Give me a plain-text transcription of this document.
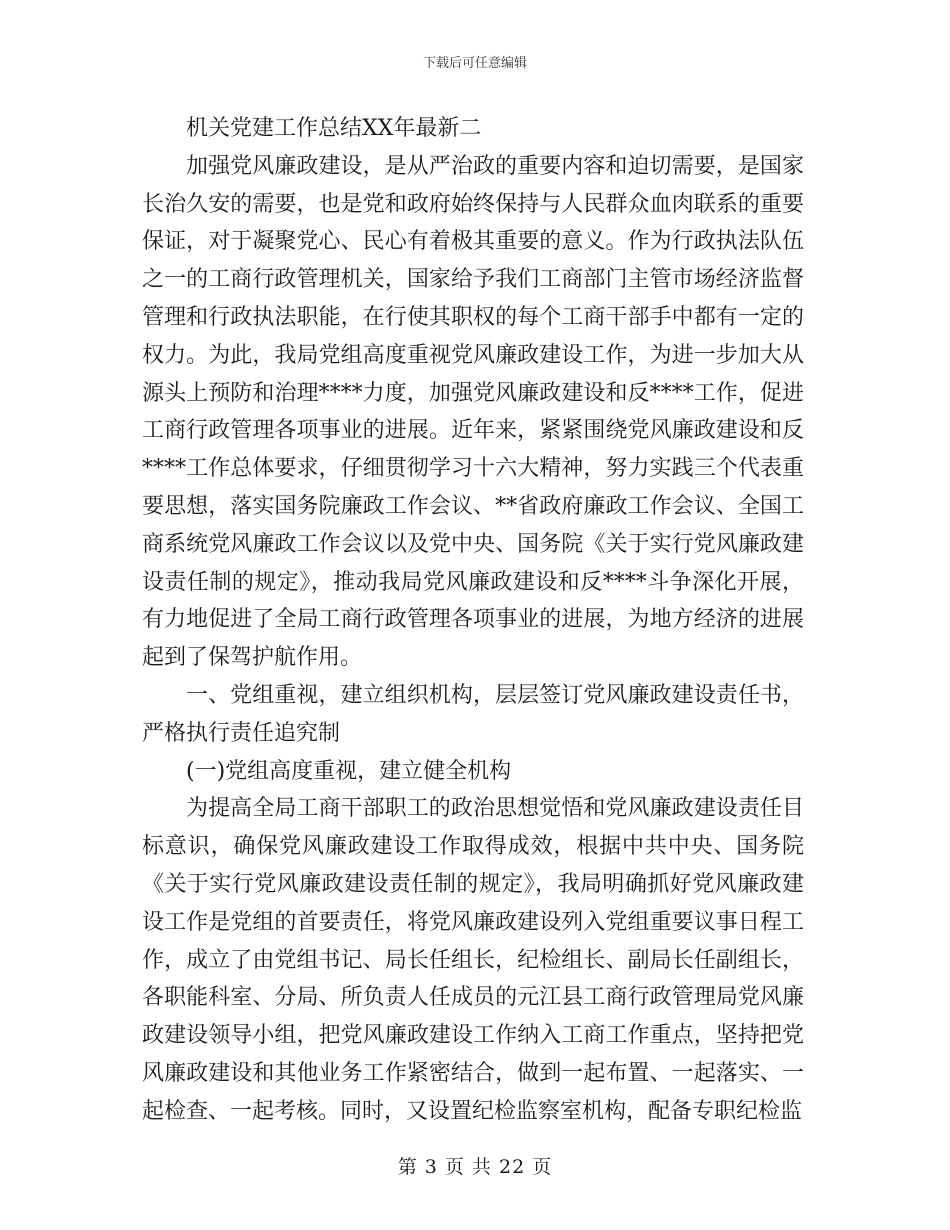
下载后可任意编辑

机关党建工作总结XX年最新二

加强党风廉政建设，是从严治政的重要内容和迫切需要，是国家长治久安的需要，也是党和政府始终保持与人民群众血肉联系的重要保证，对于凝聚党心、民心有着极其重要的意义。作为行政执法队伍之一的工商行政管理机关，国家给予我们工商部门主管市场经济监督管理和行政执法职能，在行使其职权的每个工商干部手中都有一定的权力。为此，我局党组高度重视党风廉政建设工作，为进一步加大从源头上预防和治理****力度，加强党风廉政建设和反****工作，促进工商行政管理各项事业的进展。近年来，紧紧围绕党风廉政建设和反****工作总体要求，仔细贯彻学习十六大精神，努力实践三个代表重要思想，落实国务院廉政工作会议、**省政府廉政工作会议、全国工商系统党风廉政工作会议以及党中央、国务院《关于实行党风廉政建设责任制的规定》，推动我局党风廉政建设和反****斗争深化开展，有力地促进了全局工商行政管理各项事业的进展，为地方经济的进展起到了保驾护航作用。

一、党组重视，建立组织机构，层层签订党风廉政建设责任书，严格执行责任追究制

(一)党组高度重视，建立健全机构

为提高全局工商干部职工的政治思想觉悟和党风廉政建设责任目标意识，确保党风廉政建设工作取得成效，根据中共中央、国务院《关于实行党风廉政建设责任制的规定》，我局明确抓好党风廉政建设工作是党组的首要责任，将党风廉政建设列入党组重要议事日程工作，成立了由党组书记、局长任组长，纪检组长、副局长任副组长，各职能科室、分局、所负责人任成员的元江县工商行政管理局党风廉政建设领导小组，把党风廉政建设工作纳入工商工作重点，坚持把党风廉政建设和其他业务工作紧密结合，做到一起布置、一起落实、一起检查、一起考核。同时，又设置纪检监察室机构，配备专职纪检监

第 3 页 共 22 页
